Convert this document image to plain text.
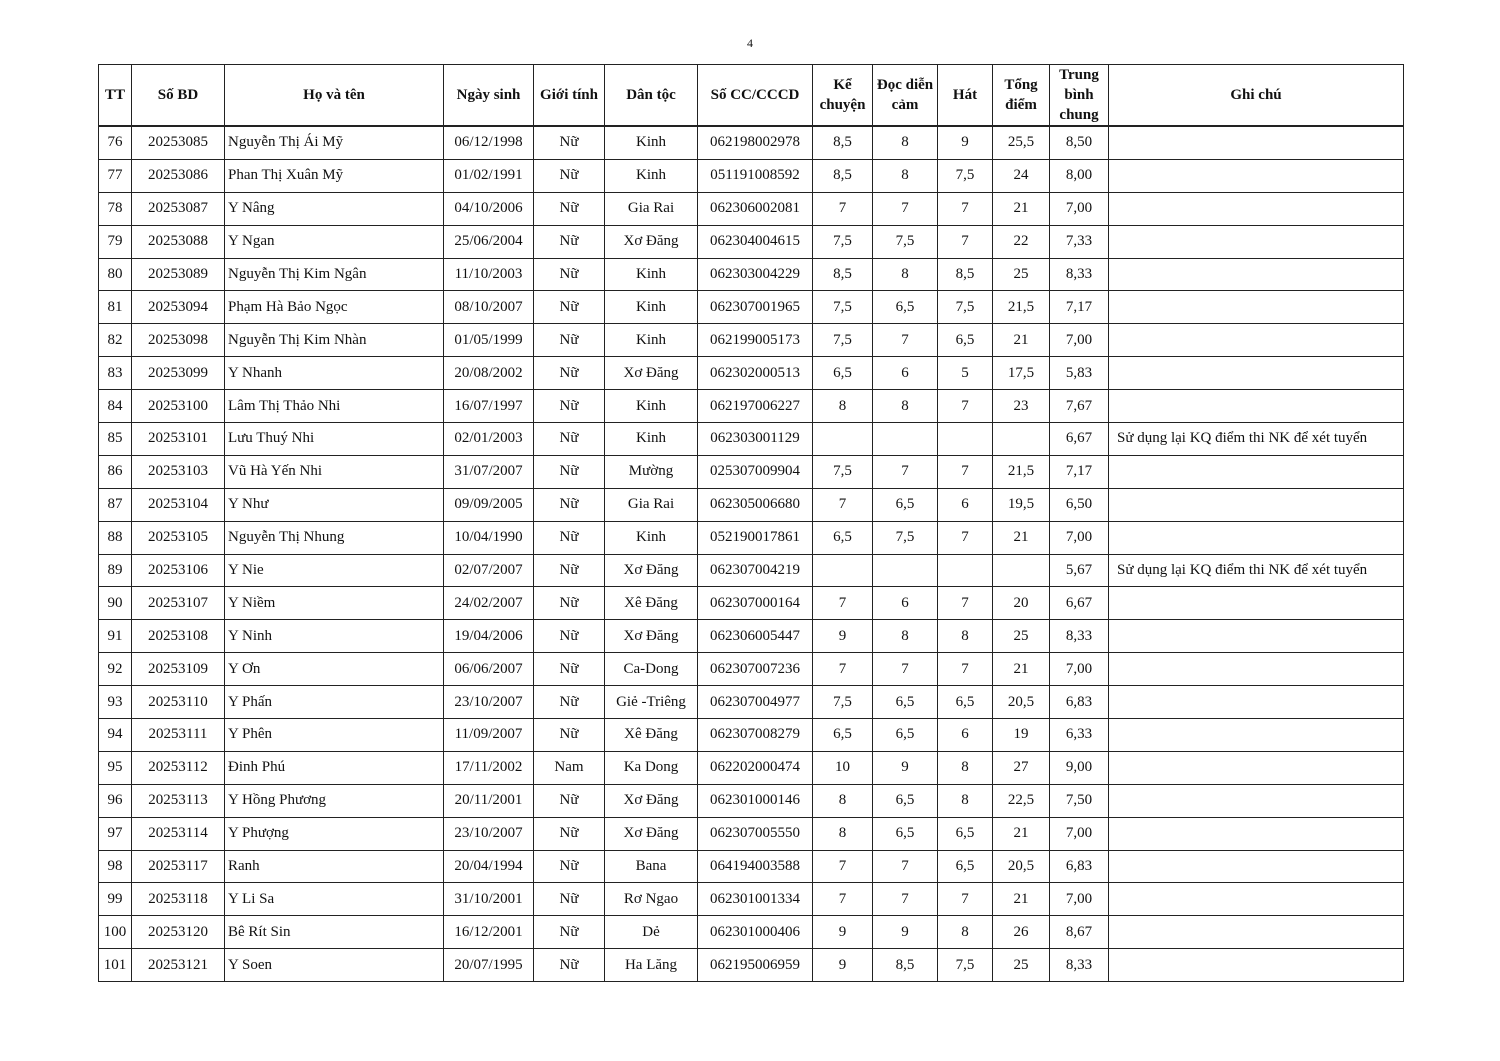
4
TT	Số BD	Họ và tên	Ngày sinh	Giới tính	Dân tộc	Số CC/CCCD	Kể chuyện	Đọc diễn cảm	Hát	Tổng điểm	Trung bình chung	Ghi chú
76	20253085	Nguyễn Thị Ái Mỹ	06/12/1998	Nữ	Kinh	062198002978	8,5	8	9	25,5	8,50	
77	20253086	Phan Thị Xuân Mỹ	01/02/1991	Nữ	Kinh	051191008592	8,5	8	7,5	24	8,00	
78	20253087	Y Nâng	04/10/2006	Nữ	Gia Rai	062306002081	7	7	7	21	7,00	
79	20253088	Y Ngan	25/06/2004	Nữ	Xơ Đăng	062304004615	7,5	7,5	7	22	7,33	
80	20253089	Nguyễn Thị Kim Ngân	11/10/2003	Nữ	Kinh	062303004229	8,5	8	8,5	25	8,33	
81	20253094	Phạm Hà Bảo Ngọc	08/10/2007	Nữ	Kinh	062307001965	7,5	6,5	7,5	21,5	7,17	
82	20253098	Nguyễn Thị Kim Nhàn	01/05/1999	Nữ	Kinh	062199005173	7,5	7	6,5	21	7,00	
83	20253099	Y Nhanh	20/08/2002	Nữ	Xơ Đăng	062302000513	6,5	6	5	17,5	5,83	
84	20253100	Lâm Thị Thảo Nhi	16/07/1997	Nữ	Kinh	062197006227	8	8	7	23	7,67	
85	20253101	Lưu Thuý Nhi	02/01/2003	Nữ	Kinh	062303001129					6,67	Sử dụng lại KQ điểm thi NK để xét tuyển
86	20253103	Vũ Hà Yến Nhi	31/07/2007	Nữ	Mường	025307009904	7,5	7	7	21,5	7,17	
87	20253104	Y Như	09/09/2005	Nữ	Gia Rai	062305006680	7	6,5	6	19,5	6,50	
88	20253105	Nguyễn Thị Nhung	10/04/1990	Nữ	Kinh	052190017861	6,5	7,5	7	21	7,00	
89	20253106	Y Nie	02/07/2007	Nữ	Xơ Đăng	062307004219					5,67	Sử dụng lại KQ điểm thi NK để xét tuyển
90	20253107	Y Niềm	24/02/2007	Nữ	Xê Đăng	062307000164	7	6	7	20	6,67	
91	20253108	Y Ninh	19/04/2006	Nữ	Xơ Đăng	062306005447	9	8	8	25	8,33	
92	20253109	Y Ơn	06/06/2007	Nữ	Ca-Dong	062307007236	7	7	7	21	7,00	
93	20253110	Y Phấn	23/10/2007	Nữ	Giẻ -Triêng	062307004977	7,5	6,5	6,5	20,5	6,83	
94	20253111	Y Phên	11/09/2007	Nữ	Xê Đăng	062307008279	6,5	6,5	6	19	6,33	
95	20253112	Đinh Phú	17/11/2002	Nam	Ka Dong	062202000474	10	9	8	27	9,00	
96	20253113	Y Hồng Phương	20/11/2001	Nữ	Xơ Đăng	062301000146	8	6,5	8	22,5	7,50	
97	20253114	Y Phượng	23/10/2007	Nữ	Xơ Đăng	062307005550	8	6,5	6,5	21	7,00	
98	20253117	Ranh	20/04/1994	Nữ	Bana	064194003588	7	7	6,5	20,5	6,83	
99	20253118	Y Li Sa	31/10/2001	Nữ	Rơ Ngao	062301001334	7	7	7	21	7,00	
100	20253120	Bê Rít Sin	16/12/2001	Nữ	Dẻ	062301000406	9	9	8	26	8,67	
101	20253121	Y Soen	20/07/1995	Nữ	Ha Lăng	062195006959	9	8,5	7,5	25	8,33	
